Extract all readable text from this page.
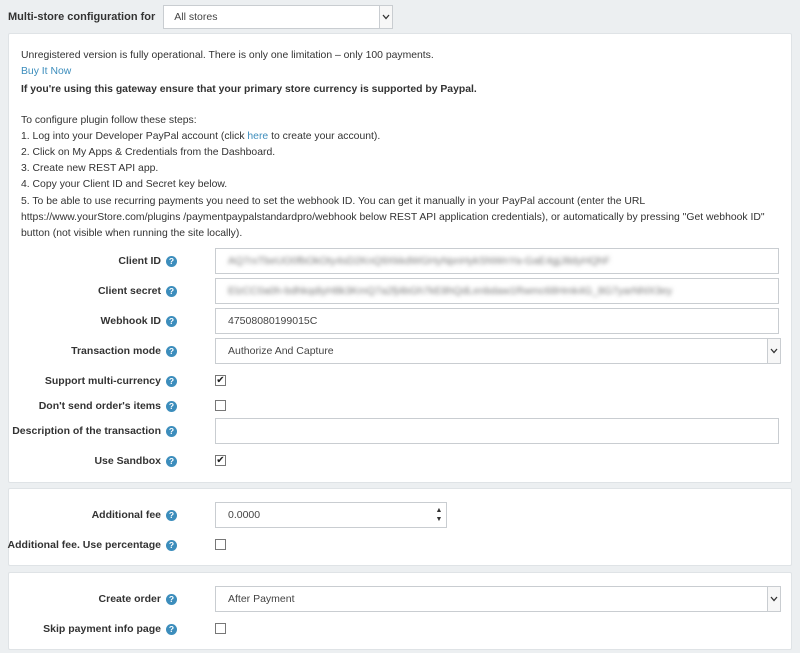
Multi-store configuration for	All stores

Unregistered version is fully operational. There is only one limitation – only 100 payments.

Buy It Now

If you're using this gateway ensure that your primary store currency is supported by Paypal.

To configure plugin follow these steps:

1. Log into your Developer PayPal account (click here to create your account).

2. Click on My Apps & Credentials from the Dashboard.

3. Create new REST API app.

4. Copy your Client ID and Secret key below.

5. To be able to use recurring payments you need to set the webhook ID. You can get it manually in your PayPal account (enter the URL https://www.yourStore.com/plugins /paymentpaypalstandardpro/webhook below REST API application credentials), or automatically by pressing "Get webhook ID" button (not visible when running the site locally).

Client ID ?	AQ7rxTbeUO0fbOkOty4sD2KnQ9XkkdWGHyNpnHykSNWnYa-GaE4gjJ8dyHQhF
Client secret ?	ElzCC0a0h-bdhkqdiyH8k3KmQ7a2fj4bGh7kE8hQdLenbdaw1Rwmc68Hmk4G_8G7yarNhlX3ey
Webhook ID ?	47508080199015C
Transaction mode ?	Authorize And Capture
Support multi-currency ?	✔
Don't send order's items ?
Description of the transaction ?
Use Sandbox ?	✔
Additional fee ?	0.0000	▲
▼
Additional fee. Use percentage ?
Create order ?	After Payment
Skip payment info page ?
